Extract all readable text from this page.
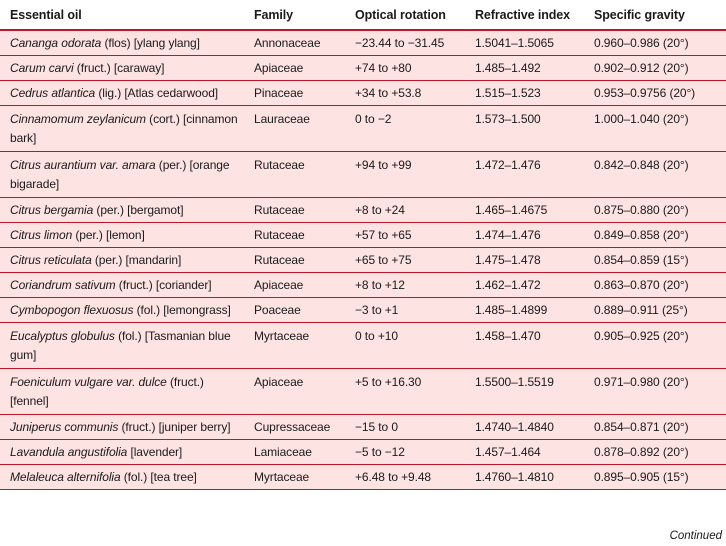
Essential oil	Family	Optical rotation	Refractive index	Specific gravity
Cananga odorata (flos) [ylang ylang]	Annonaceae	−23.44 to −31.45	1.5041–1.5065	0.960–0.986 (20°)
Carum carvi (fruct.) [caraway]	Apiaceae	+74 to +80	1.485–1.492	0.902–0.912 (20°)
Cedrus atlantica (lig.) [Atlas cedarwood]	Pinaceae	+34 to +53.8	1.515–1.523	0.953–0.9756 (20°)
Cinnamomum zeylanicum (cort.) [cinnamon bark]	Lauraceae	0 to −2	1.573–1.500	1.000–1.040 (20°)
Citrus aurantium var. amara (per.) [orange bigarade]	Rutaceae	+94 to +99	1.472–1.476	0.842–0.848 (20°)
Citrus bergamia (per.) [bergamot]	Rutaceae	+8 to +24	1.465–1.4675	0.875–0.880 (20°)
Citrus limon (per.) [lemon]	Rutaceae	+57 to +65	1.474–1.476	0.849–0.858 (20°)
Citrus reticulata (per.) [mandarin]	Rutaceae	+65 to +75	1.475–1.478	0.854–0.859 (15°)
Coriandrum sativum (fruct.) [coriander]	Apiaceae	+8 to +12	1.462–1.472	0.863–0.870 (20°)
Cymbopogon flexuosus (fol.) [lemongrass]	Poaceae	−3 to +1	1.485–1.4899	0.889–0.911 (25°)
Eucalyptus globulus (fol.) [Tasmanian blue gum]	Myrtaceae	0 to +10	1.458–1.470	0.905–0.925 (20°)
Foeniculum vulgare var. dulce (fruct.) [fennel]	Apiaceae	+5 to +16.30	1.5500–1.5519	0.971–0.980 (20°)
Juniperus communis (fruct.) [juniper berry]	Cupressaceae	−15 to 0	1.4740–1.4840	0.854–0.871 (20°)
Lavandula angustifolia [lavender]	Lamiaceae	−5 to −12	1.457–1.464	0.878–0.892 (20°)
Melaleuca alternifolia (fol.) [tea tree]	Myrtaceae	+6.48 to +9.48	1.4760–1.4810	0.895–0.905 (15°)
Continued
